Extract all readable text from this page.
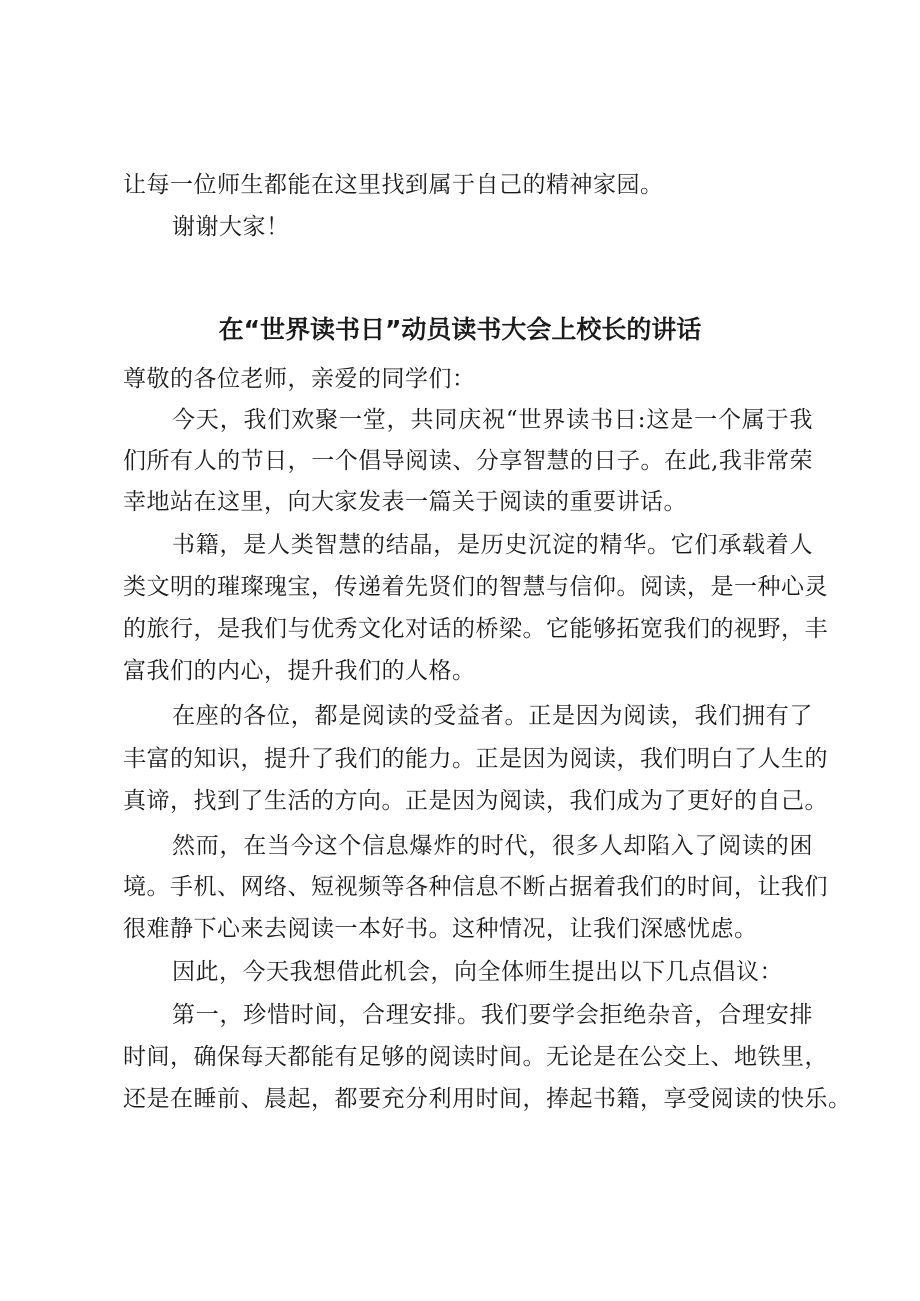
让每一位师生都能在这里找到属于自己的精神家园。
谢谢大家！
在“世界读书日”动员读书大会上校长的讲话
尊敬的各位老师，亲爱的同学们：
今天，我们欢聚一堂，共同庆祝“世界读书日:这是一个属于我
们所有人的节日，一个倡导阅读、分享智慧的日子。在此,我非常荣
幸地站在这里，向大家发表一篇关于阅读的重要讲话。
书籍，是人类智慧的结晶，是历史沉淀的精华。它们承载着人
类文明的璀璨瑰宝，传递着先贤们的智慧与信仰。阅读，是一种心灵
的旅行，是我们与优秀文化对话的桥梁。它能够拓宽我们的视野，丰
富我们的内心，提升我们的人格。
在座的各位，都是阅读的受益者。正是因为阅读，我们拥有了
丰富的知识，提升了我们的能力。正是因为阅读，我们明白了人生的
真谛，找到了生活的方向。正是因为阅读，我们成为了更好的自己。
然而，在当今这个信息爆炸的时代，很多人却陷入了阅读的困
境。手机、网络、短视频等各种信息不断占据着我们的时间，让我们
很难静下心来去阅读一本好书。这种情况，让我们深感忧虑。
因此，今天我想借此机会，向全体师生提出以下几点倡议：
第一，珍惜时间，合理安排。我们要学会拒绝杂音，合理安排
时间，确保每天都能有足够的阅读时间。无论是在公交上、地铁里，
还是在睡前、晨起，都要充分利用时间，捧起书籍，享受阅读的快乐。
